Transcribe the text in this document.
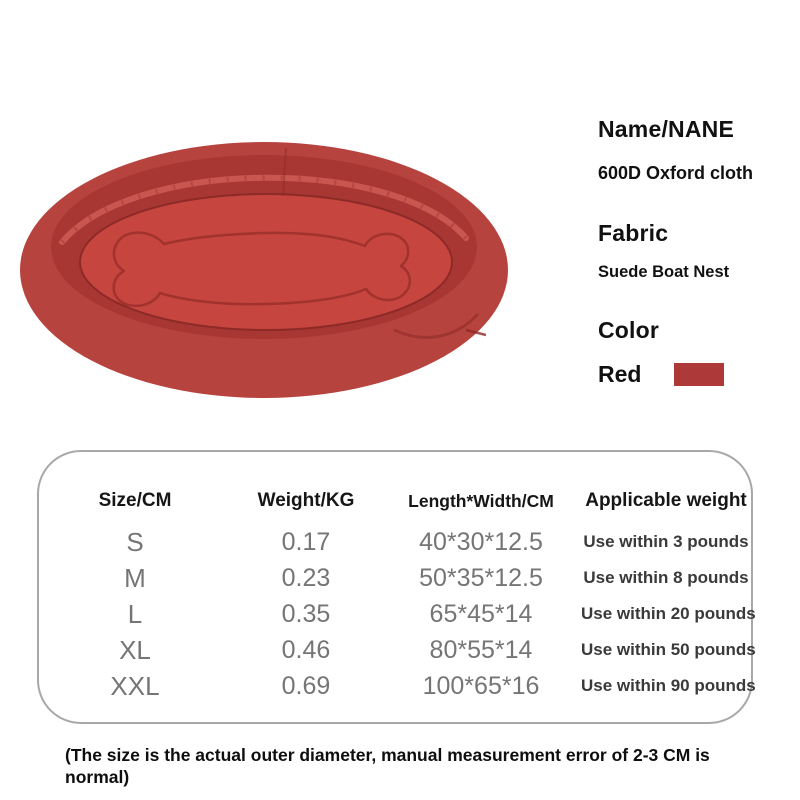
Name/NANE
600D Oxford cloth
Fabric
Suede Boat Nest
Color
Red
Size/CM	Weight/KG	Length*Width/CM	Applicable weight
S	0.17	40*30*12.5	Use within 3 pounds
M	0.23	50*35*12.5	Use within 8 pounds
L	0.35	65*45*14	Use within 20 pounds
XL	0.46	80*55*14	Use within 50 pounds
XXL	0.69	100*65*16	Use within 90 pounds
(The size is the actual outer diameter, manual measurement error of 2-3 CM is normal)
